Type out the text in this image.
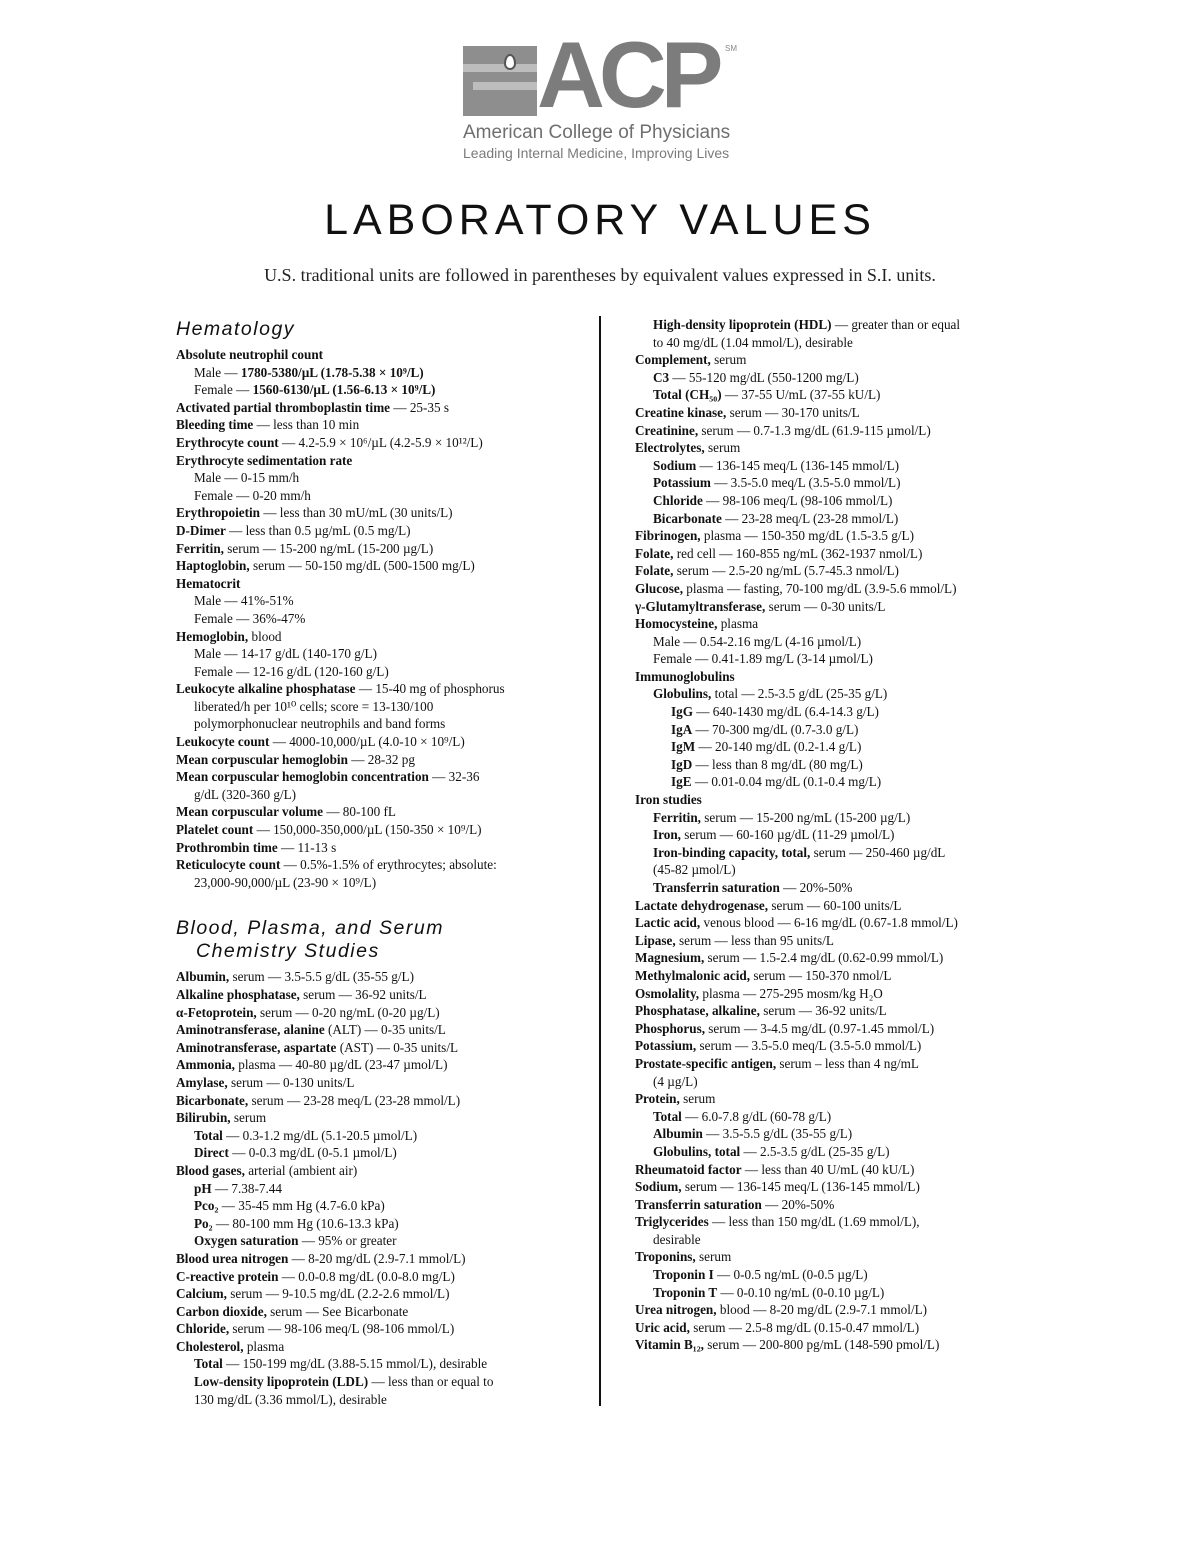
ACP SM
American College of Physicians
Leading Internal Medicine, Improving Lives
LABORATORY VALUES
U.S. traditional units are followed in parentheses by equivalent values expressed in S.I. units.
Hematology
Absolute neutrophil count
Male — 1780-5380/µL (1.78-5.38 × 10⁹/L)
Female — 1560-6130/µL (1.56-6.13 × 10⁹/L)
Activated partial thromboplastin time — 25-35 s
Bleeding time — less than 10 min
Erythrocyte count — 4.2-5.9 × 10⁶/µL (4.2-5.9 × 10¹²/L)
Erythrocyte sedimentation rate
Male — 0-15 mm/h
Female — 0-20 mm/h
Erythropoietin — less than 30 mU/mL (30 units/L)
D-Dimer — less than 0.5 µg/mL (0.5 mg/L)
Ferritin, serum — 15-200 ng/mL (15-200 µg/L)
Haptoglobin, serum — 50-150 mg/dL (500-1500 mg/L)
Hematocrit
Male — 41%-51%
Female — 36%-47%
Hemoglobin, blood
Male — 14-17 g/dL (140-170 g/L)
Female — 12-16 g/dL (120-160 g/L)
Leukocyte alkaline phosphatase — 15-40 mg of phosphorus
liberated/h per 10¹⁰ cells; score = 13-130/100
polymorphonuclear neutrophils and band forms
Leukocyte count — 4000-10,000/µL (4.0-10 × 10⁹/L)
Mean corpuscular hemoglobin — 28-32 pg
Mean corpuscular hemoglobin concentration — 32-36
g/dL (320-360 g/L)
Mean corpuscular volume — 80-100 fL
Platelet count — 150,000-350,000/µL (150-350 × 10⁹/L)
Prothrombin time — 11-13 s
Reticulocyte count — 0.5%-1.5% of erythrocytes; absolute:
23,000-90,000/µL (23-90 × 10⁹/L)
Blood, Plasma, and Serum
Chemistry Studies
Albumin, serum — 3.5-5.5 g/dL (35-55 g/L)
Alkaline phosphatase, serum — 36-92 units/L
α-Fetoprotein, serum — 0-20 ng/mL (0-20 µg/L)
Aminotransferase, alanine (ALT) — 0-35 units/L
Aminotransferase, aspartate (AST) — 0-35 units/L
Ammonia, plasma — 40-80 µg/dL (23-47 µmol/L)
Amylase, serum — 0-130 units/L
Bicarbonate, serum — 23-28 meq/L (23-28 mmol/L)
Bilirubin, serum
Total — 0.3-1.2 mg/dL (5.1-20.5 µmol/L)
Direct — 0-0.3 mg/dL (0-5.1 µmol/L)
Blood gases, arterial (ambient air)
pH — 7.38-7.44
Pco₂ — 35-45 mm Hg (4.7-6.0 kPa)
Po₂ — 80-100 mm Hg (10.6-13.3 kPa)
Oxygen saturation — 95% or greater
Blood urea nitrogen — 8-20 mg/dL (2.9-7.1 mmol/L)
C-reactive protein — 0.0-0.8 mg/dL (0.0-8.0 mg/L)
Calcium, serum — 9-10.5 mg/dL (2.2-2.6 mmol/L)
Carbon dioxide, serum — See Bicarbonate
Chloride, serum — 98-106 meq/L (98-106 mmol/L)
Cholesterol, plasma
Total — 150-199 mg/dL (3.88-5.15 mmol/L), desirable
Low-density lipoprotein (LDL) — less than or equal to
130 mg/dL (3.36 mmol/L), desirable
High-density lipoprotein (HDL) — greater than or equal
to 40 mg/dL (1.04 mmol/L), desirable
Complement, serum
C3 — 55-120 mg/dL (550-1200 mg/L)
Total (CH₅₀) — 37-55 U/mL (37-55 kU/L)
Creatine kinase, serum — 30-170 units/L
Creatinine, serum — 0.7-1.3 mg/dL (61.9-115 µmol/L)
Electrolytes, serum
Sodium — 136-145 meq/L (136-145 mmol/L)
Potassium — 3.5-5.0 meq/L (3.5-5.0 mmol/L)
Chloride — 98-106 meq/L (98-106 mmol/L)
Bicarbonate — 23-28 meq/L (23-28 mmol/L)
Fibrinogen, plasma — 150-350 mg/dL (1.5-3.5 g/L)
Folate, red cell — 160-855 ng/mL (362-1937 nmol/L)
Folate, serum — 2.5-20 ng/mL (5.7-45.3 nmol/L)
Glucose, plasma — fasting, 70-100 mg/dL (3.9-5.6 mmol/L)
γ-Glutamyltransferase, serum — 0-30 units/L
Homocysteine, plasma
Male — 0.54-2.16 mg/L (4-16 µmol/L)
Female — 0.41-1.89 mg/L (3-14 µmol/L)
Immunoglobulins
Globulins, total — 2.5-3.5 g/dL (25-35 g/L)
IgG — 640-1430 mg/dL (6.4-14.3 g/L)
IgA — 70-300 mg/dL (0.7-3.0 g/L)
IgM — 20-140 mg/dL (0.2-1.4 g/L)
IgD — less than 8 mg/dL (80 mg/L)
IgE — 0.01-0.04 mg/dL (0.1-0.4 mg/L)
Iron studies
Ferritin, serum — 15-200 ng/mL (15-200 µg/L)
Iron, serum — 60-160 µg/dL (11-29 µmol/L)
Iron-binding capacity, total, serum — 250-460 µg/dL
(45-82 µmol/L)
Transferrin saturation — 20%-50%
Lactate dehydrogenase, serum — 60-100 units/L
Lactic acid, venous blood — 6-16 mg/dL (0.67-1.8 mmol/L)
Lipase, serum — less than 95 units/L
Magnesium, serum — 1.5-2.4 mg/dL (0.62-0.99 mmol/L)
Methylmalonic acid, serum — 150-370 nmol/L
Osmolality, plasma — 275-295 mosm/kg H₂O
Phosphatase, alkaline, serum — 36-92 units/L
Phosphorus, serum — 3-4.5 mg/dL (0.97-1.45 mmol/L)
Potassium, serum — 3.5-5.0 meq/L (3.5-5.0 mmol/L)
Prostate-specific antigen, serum – less than 4 ng/mL
(4 µg/L)
Protein, serum
Total — 6.0-7.8 g/dL (60-78 g/L)
Albumin — 3.5-5.5 g/dL (35-55 g/L)
Globulins, total — 2.5-3.5 g/dL (25-35 g/L)
Rheumatoid factor — less than 40 U/mL (40 kU/L)
Sodium, serum — 136-145 meq/L (136-145 mmol/L)
Transferrin saturation — 20%-50%
Triglycerides — less than 150 mg/dL (1.69 mmol/L),
desirable
Troponins, serum
Troponin I — 0-0.5 ng/mL (0-0.5 µg/L)
Troponin T — 0-0.10 ng/mL (0-0.10 µg/L)
Urea nitrogen, blood — 8-20 mg/dL (2.9-7.1 mmol/L)
Uric acid, serum — 2.5-8 mg/dL (0.15-0.47 mmol/L)
Vitamin B₁₂, serum — 200-800 pg/mL (148-590 pmol/L)
